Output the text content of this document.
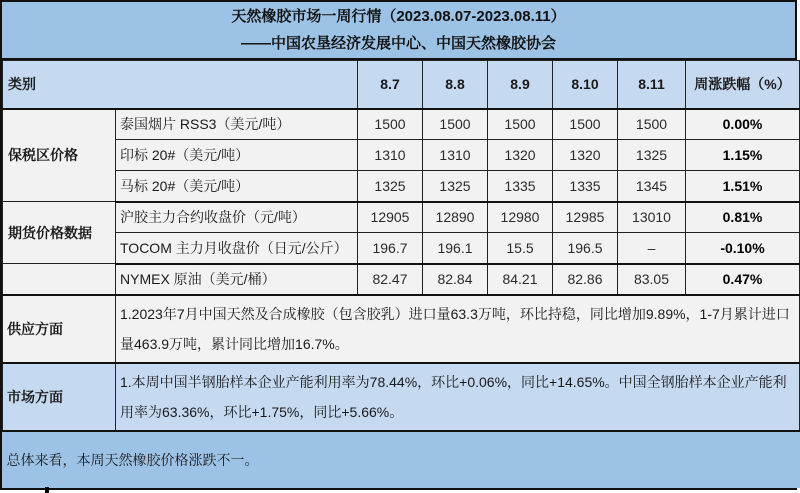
天然橡胶市场一周行情（2023.08.07-2023.08.11）
——中国农垦经济发展中心、中国天然橡胶协会
类别		8.7	8.8	8.9	8.10	8.11	周涨跌幅（%）
保税区价格	泰国烟片 RSS3（美元/吨）	1500	1500	1500	1500	1500	0.00%
	印标 20#（美元/吨）	1310	1310	1320	1320	1325	1.15%
	马标 20#（美元/吨）	1325	1325	1335	1335	1345	1.51%
期货价格数据	沪胶主力合约收盘价（元/吨）	12905	12890	12980	12985	13010	0.81%
	TOCOM 主力月收盘价（日元/公斤）	196.7	196.1	15.5	196.5	–	-0.10%
	NYMEX 原油（美元/桶）	82.47	82.84	84.21	82.86	83.05	0.47%
供应方面	1.2023年7月中国天然及合成橡胶（包含胶乳）进口量63.3万吨，环比持稳，同比增加9.89%，1-7月累计进口量463.9万吨，累计同比增加16.7%。						
市场方面	1.本周中国半钢胎样本企业产能利用率为78.44%，环比+0.06%，同比+14.65%。中国全钢胎样本企业产能利用率为63.36%，环比+1.75%，同比+5.66%。						
总体来看，本周天然橡胶价格涨跌不一。							
